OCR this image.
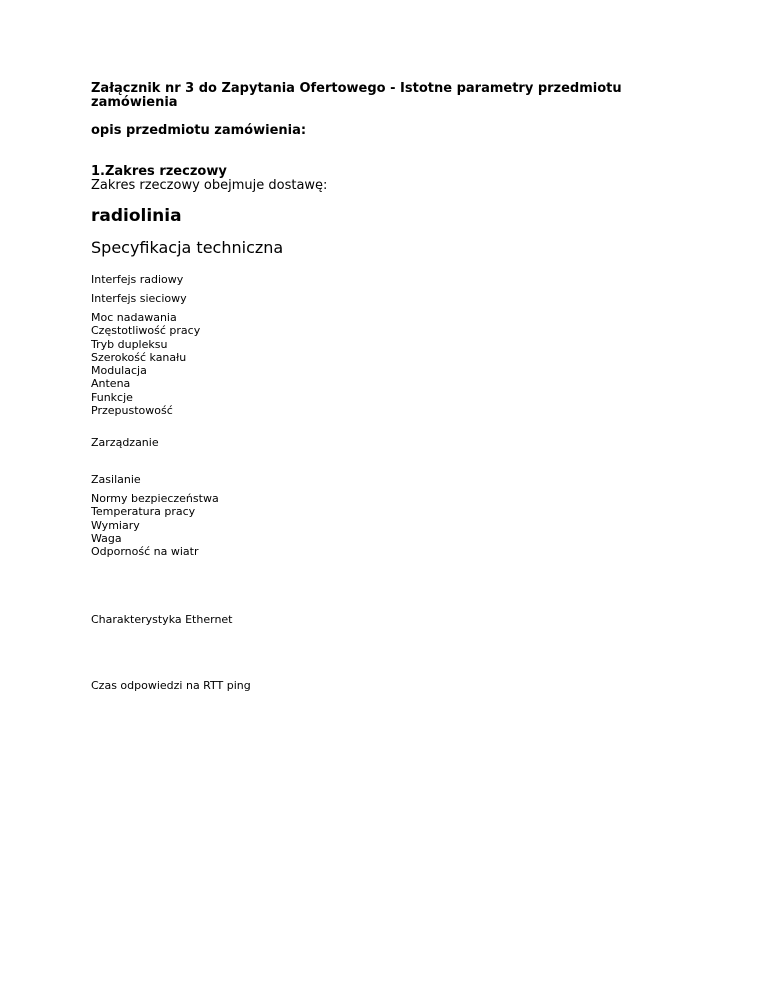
Załącznik nr 3 do Zapytania Ofertowego - Istotne parametry przedmiotu zamówienia

opis przedmiotu zamówienia:

1.Zakres rzeczowy

Zakres rzeczowy obejmuje dostawę:

radiolinia

Specyfikacja techniczna

Interfejs radiowy

Interfejs sieciowy

Moc nadawania
Częstotliwość pracy
Tryb dupleksu
Szerokość kanału
Modulacja
Antena
Funkcje
Przepustowość

Zarządzanie

Zasilanie

Normy bezpieczeństwa
Temperatura pracy
Wymiary
Waga
Odporność na wiatr

Charakterystyka Ethernet

Czas odpowiedzi na RTT ping
